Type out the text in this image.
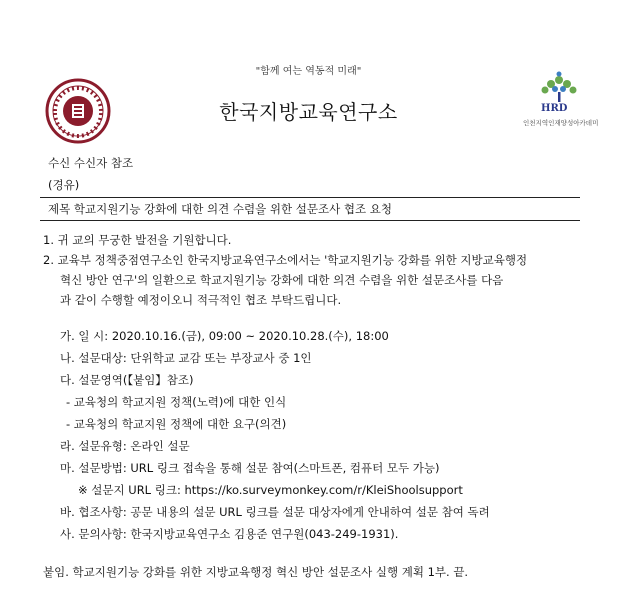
"함께 여는 역동적 미래"
한국지방교육연구소	HRD
인천지역인재양성아카데미
수신 수신자 참조
(경유)
제목 학교지원기능 강화에 대한 의견 수렴을 위한 설문조사 협조 요청
1. 귀 교의 무궁한 발전을 기원합니다.
2. 교육부 정책중점연구소인 한국지방교육연구소에서는 '학교지원기능 강화를 위한 지방교육행정
혁신 방안 연구'의 일환으로 학교지원기능 강화에 대한 의견 수렴을 위한 설문조사를 다음
과 같이 수행할 예정이오니 적극적인 협조 부탁드립니다.
가. 일 시: 2020.10.16.(금), 09:00 ~ 2020.10.28.(수), 18:00
나. 설문대상: 단위학교 교감 또는 부장교사 중 1인
다. 설문영역(【붙임】참조)
- 교육청의 학교지원 정책(노력)에 대한 인식
- 교육청의 학교지원 정책에 대한 요구(의견)
라. 설문유형: 온라인 설문
마. 설문방법: URL 링크 접속을 통해 설문 참여(스마트폰, 컴퓨터 모두 가능)
※ 설문지 URL 링크: https://ko.surveymonkey.com/r/KleiShoolsupport
바. 협조사항: 공문 내용의 설문 URL 링크를 설문 대상자에게 안내하여 설문 참여 독려
사. 문의사항: 한국지방교육연구소 김용준 연구원(043-249-1931).
붙임. 학교지원기능 강화를 위한 지방교육행정 혁신 방안 설문조사 실행 계획 1부. 끝.
